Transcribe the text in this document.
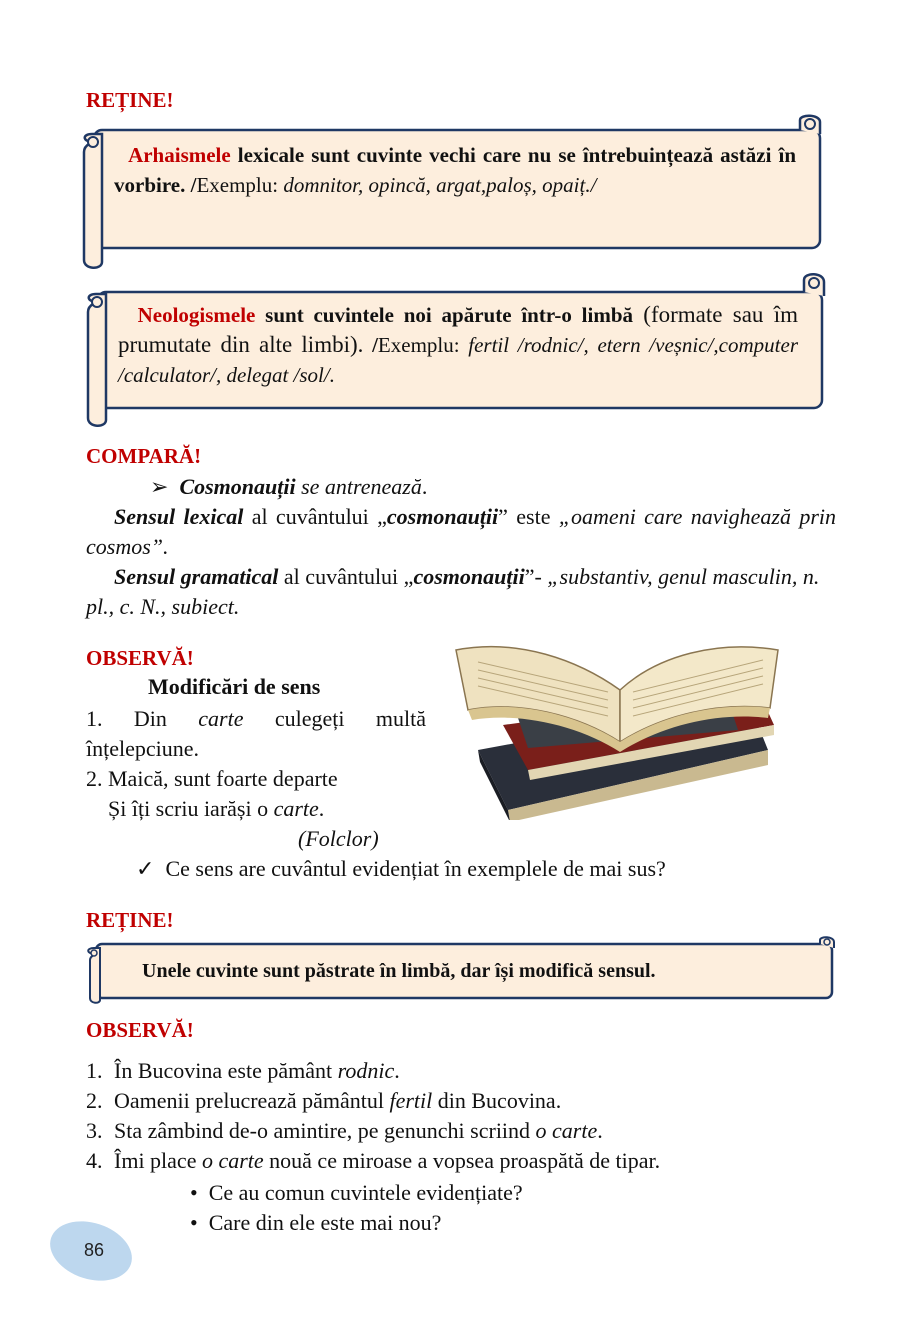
REȚINE!
Arhaismele lexicale sunt cuvinte vechi care nu se întrebuințează astăzi în vorbire. /Exemplu: domnitor, opincă, argat,paloș, opaiț./
Neologismele sunt cuvintele noi apărute într-o limbă (formate sau îm prumutate din alte limbi). /Exemplu: fertil /rodnic/, etern /veșnic/,computer /calculator/, delegat /sol/.
COMPARĂ!
➢ Cosmonauții se antrenează.
Sensul lexical al cuvântului „cosmonauții” este „oameni care navighează prin cosmos”.
Sensul gramatical al cuvântului „cosmonauții”- „substantiv, genul masculin, n. pl., c. N., subiect.
OBSERVĂ!
Modificări de sens
1. Din carte culegeți multă înțelepciune.
2. Maică, sunt foarte departe
Și îți scriu iarăși o carte.
(Folclor)
✓ Ce sens are cuvântul evidențiat în exemplele de mai sus?
REȚINE!
Unele cuvinte sunt păstrate în limbă, dar își modifică sensul.
OBSERVĂ!
1. În Bucovina este pământ rodnic.
2. Oamenii prelucrează pământul fertil din Bucovina.
3. Sta zâmbind de-o amintire, pe genunchi scriind o carte.
4. Îmi place o carte nouă ce miroase a vopsea proaspătă de tipar.
•  Ce au comun cuvintele evidențiate?
•  Care din ele este mai nou?
86
